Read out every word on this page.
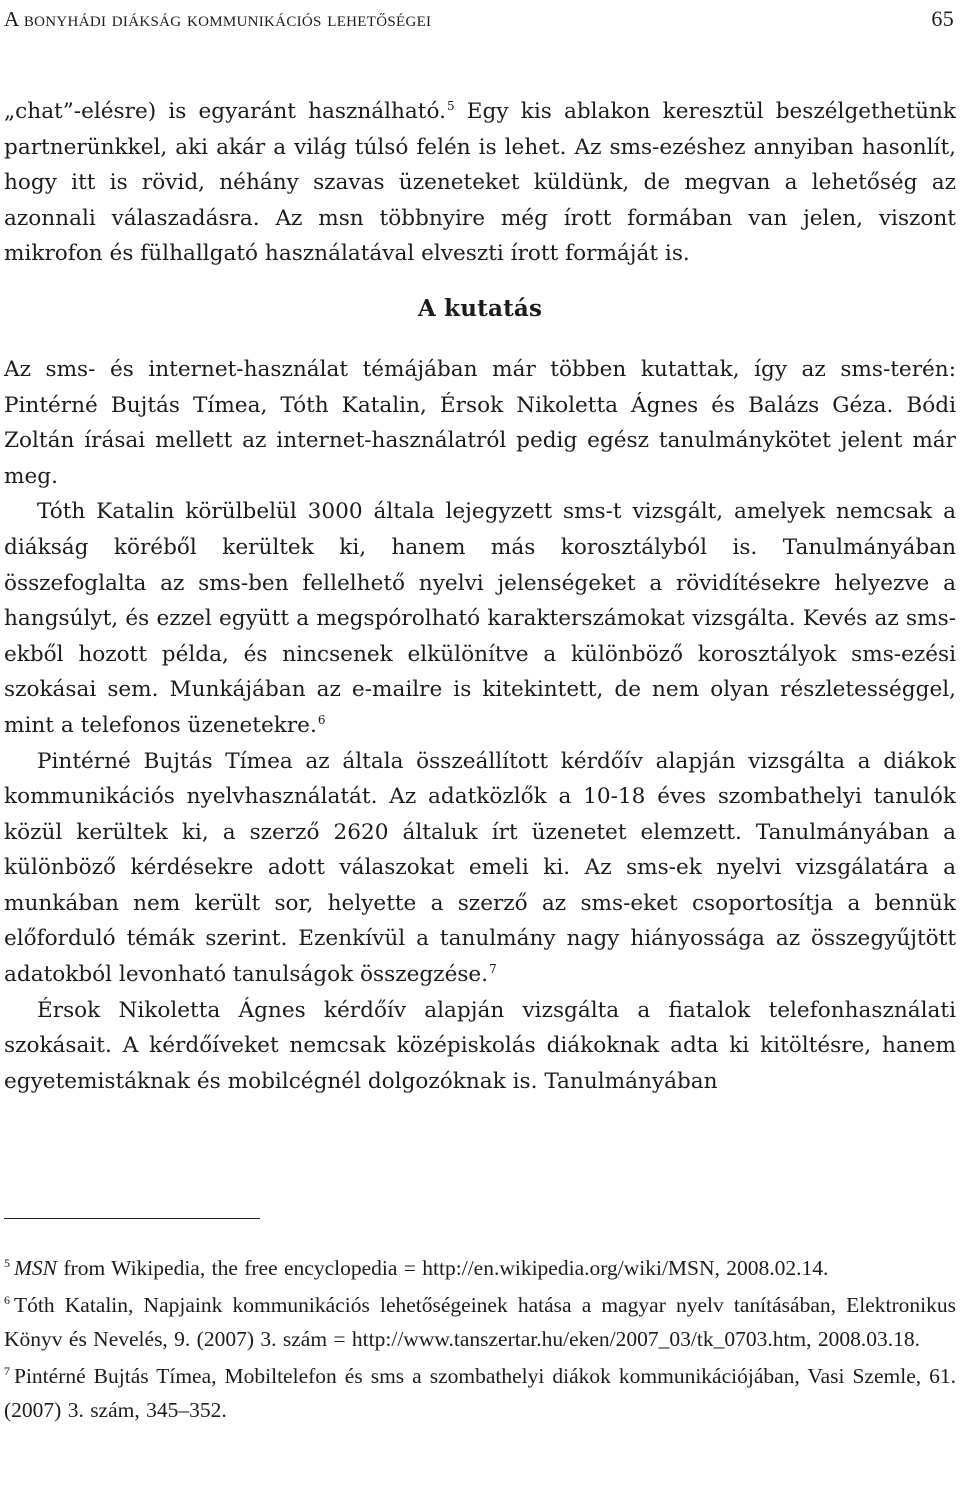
A bonyhádi diákság kommunikációs lehetőségei	65

„chat”-elésre) is egyaránt használható.$^5$ Egy kis ablakon keresztül beszélgethetünk partnerünkkel, aki akár a világ túlsó felén is lehet. Az sms-ezéshez annyiban hasonlít, hogy itt is rövid, néhány szavas üzeneteket küldünk, de megvan a lehetőség az azonnali válaszadásra. Az msn többnyire még írott formában van jelen, viszont mikrofon és fülhallgató használatával elveszti írott formáját is.

A kutatás

Az sms- és internet-használat témájában már többen kutattak, így az sms-terén: Pintérné Bujtás Tímea, Tóth Katalin, Érsok Nikoletta Ágnes és Balázs Géza. Bódi Zoltán írásai mellett az internet-használatról pedig egész tanulmánykötet jelent már meg.

Tóth Katalin körülbelül 3000 általa lejegyzett sms-t vizsgált, amelyek nemcsak a diákság köréből kerültek ki, hanem más korosztályból is. Tanulmányában összefoglalta az sms-ben fellelhető nyelvi jelenségeket a rövidítésekre helyezve a hangsúlyt, és ezzel együtt a megspórolható karakterszámokat vizsgálta. Kevés az sms-ekből hozott példa, és nincsenek elkülönítve a különböző korosztályok sms-ezési szokásai sem. Munkájában az e-mailre is kitekintett, de nem olyan részletességgel, mint a telefonos üzenetekre.$^6$

Pintérné Bujtás Tímea az általa összeállított kérdőív alapján vizsgálta a diákok kommunikációs nyelvhasználatát. Az adatközlők a 10-18 éves szombathelyi tanulók közül kerültek ki, a szerző 2620 általuk írt üzenetet elemzett. Tanulmányában a különböző kérdésekre adott válaszokat emeli ki. Az sms-ek nyelvi vizsgálatára a munkában nem került sor, helyette a szerző az sms-eket csoportosítja a bennük előforduló témák szerint. Ezenkívül a tanulmány nagy hiányossága az összegyűjtött adatokból levonható tanulságok összegzése.$^7$

Érsok Nikoletta Ágnes kérdőív alapján vizsgálta a fiatalok telefonhasználati szokásait. A kérdőíveket nemcsak középiskolás diákoknak adta ki kitöltésre, hanem egyetemistáknak és mobilcégnél dolgozóknak is. Tanulmányában

$^5$ MSN from Wikipedia, the free encyclopedia = http://en.wikipedia.org/wiki/MSN, 2008.02.14.

$^6$ Tóth Katalin, Napjaink kommunikációs lehetőségeinek hatása a magyar nyelv tanításában, Elektronikus Könyv és Nevelés, 9. (2007) 3. szám = http://www.tanszertar.hu/eken/2007_03/tk_0703.htm, 2008.03.18.

$^7$ Pintérné Bujtás Tímea, Mobiltelefon és sms a szombathelyi diákok kommunikációjában, Vasi Szemle, 61. (2007) 3. szám, 345–352.
